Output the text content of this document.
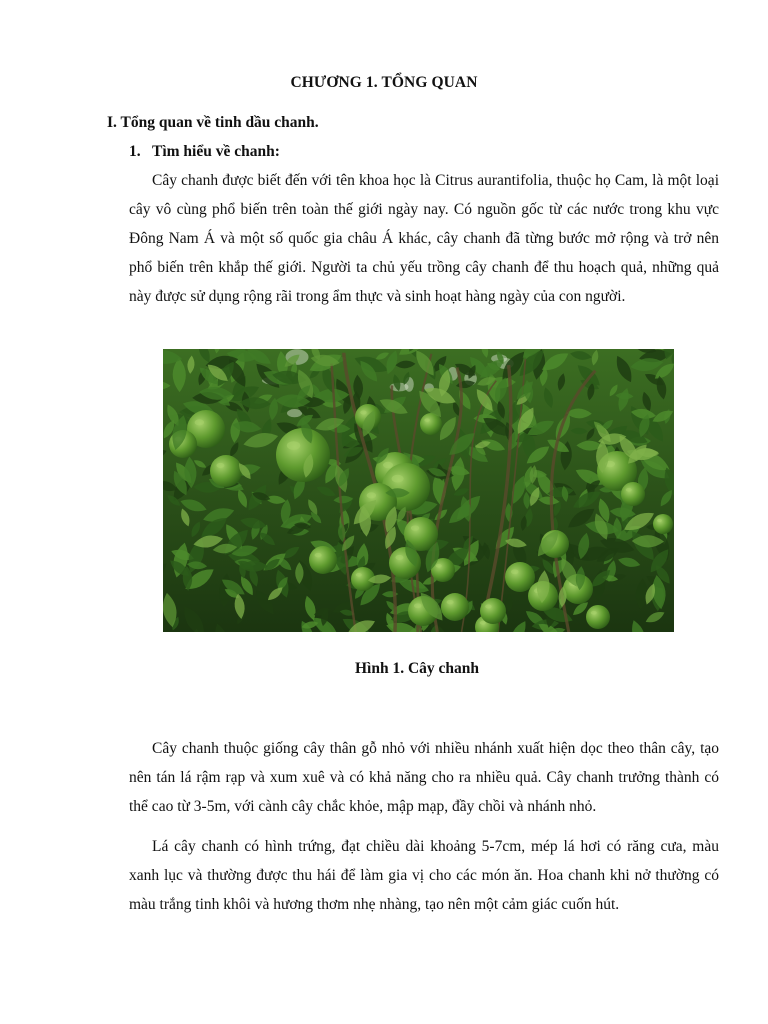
CHƯƠNG 1. TỔNG QUAN
I. Tổng quan về tinh dầu chanh.
1. Tìm hiểu về chanh:

Cây chanh được biết đến với tên khoa học là Citrus aurantifolia, thuộc họ Cam, là một loại cây vô cùng phổ biến trên toàn thế giới ngày nay. Có nguồn gốc từ các nước trong khu vực Đông Nam Á và một số quốc gia châu Á khác, cây chanh đã từng bước mở rộng và trở nên phổ biến trên khắp thế giới. Người ta chủ yếu trồng cây chanh để thu hoạch quả, những quả này được sử dụng rộng rãi trong ẩm thực và sinh hoạt hàng ngày của con người.

Hình 1. Cây chanh

Cây chanh thuộc giống cây thân gỗ nhỏ với nhiều nhánh xuất hiện dọc theo thân cây, tạo nên tán lá rậm rạp và xum xuê và có khả năng cho ra nhiều quả. Cây chanh trưởng thành có thể cao từ 3-5m, với cành cây chắc khỏe, mập mạp, đầy chồi và nhánh nhỏ.

Lá cây chanh có hình trứng, đạt chiều dài khoảng 5-7cm, mép lá hơi có răng cưa, màu xanh lục và thường được thu hái để làm gia vị cho các món ăn. Hoa chanh khi nở thường có màu trắng tinh khôi và hương thơm nhẹ nhàng, tạo nên một cảm giác cuốn hút.
